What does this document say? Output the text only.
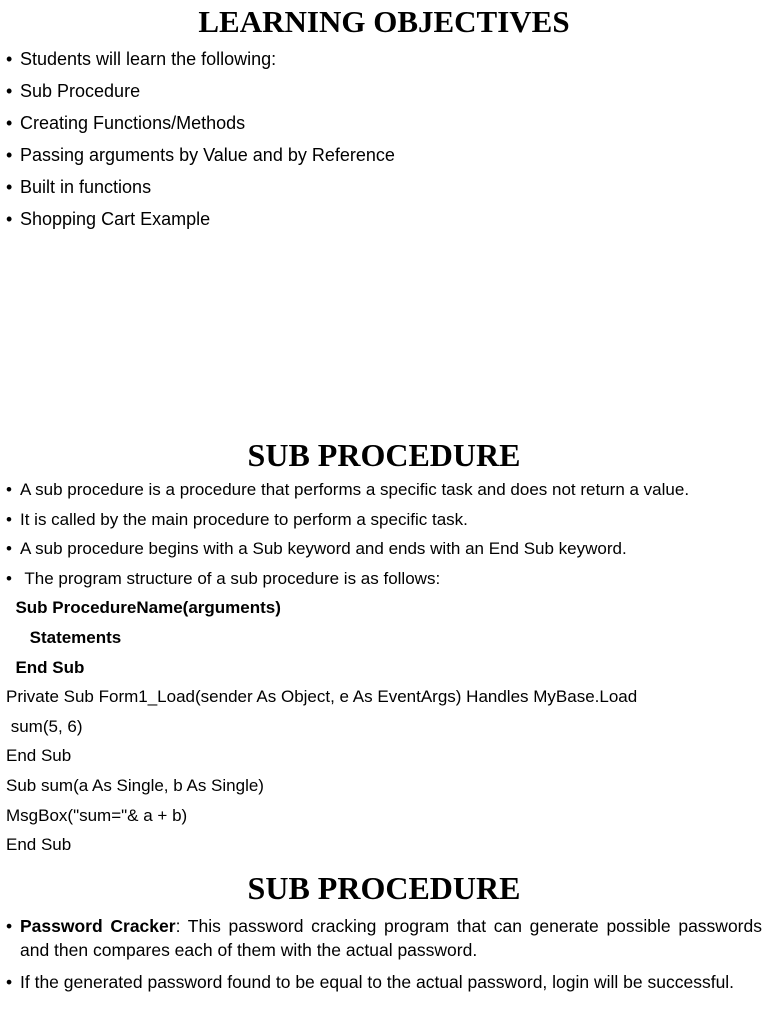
LEARNING OBJECTIVES
• Students will learn the following:
• Sub Procedure
• Creating Functions/Methods
• Passing arguments by Value and by Reference
• Built in functions
• Shopping Cart Example
SUB PROCEDURE
• A sub procedure is a procedure that performs a specific task and does not return a value.
• It is called by the main procedure to perform a specific task.
• A sub procedure begins with a Sub keyword and ends with an End Sub keyword.
• The program structure of a sub procedure is as follows:
Sub ProcedureName(arguments)
Statements
End Sub
Private Sub Form1_Load(sender As Object, e As EventArgs) Handles MyBase.Load
sum(5, 6)
End Sub
Sub sum(a As Single, b As Single)
MsgBox("sum="& a + b)
End Sub
SUB PROCEDURE
• Password Cracker: This password cracking program that can generate possible passwords and then compares each of them with the actual password.
• If the generated password found to be equal to the actual password, login will be successful.
